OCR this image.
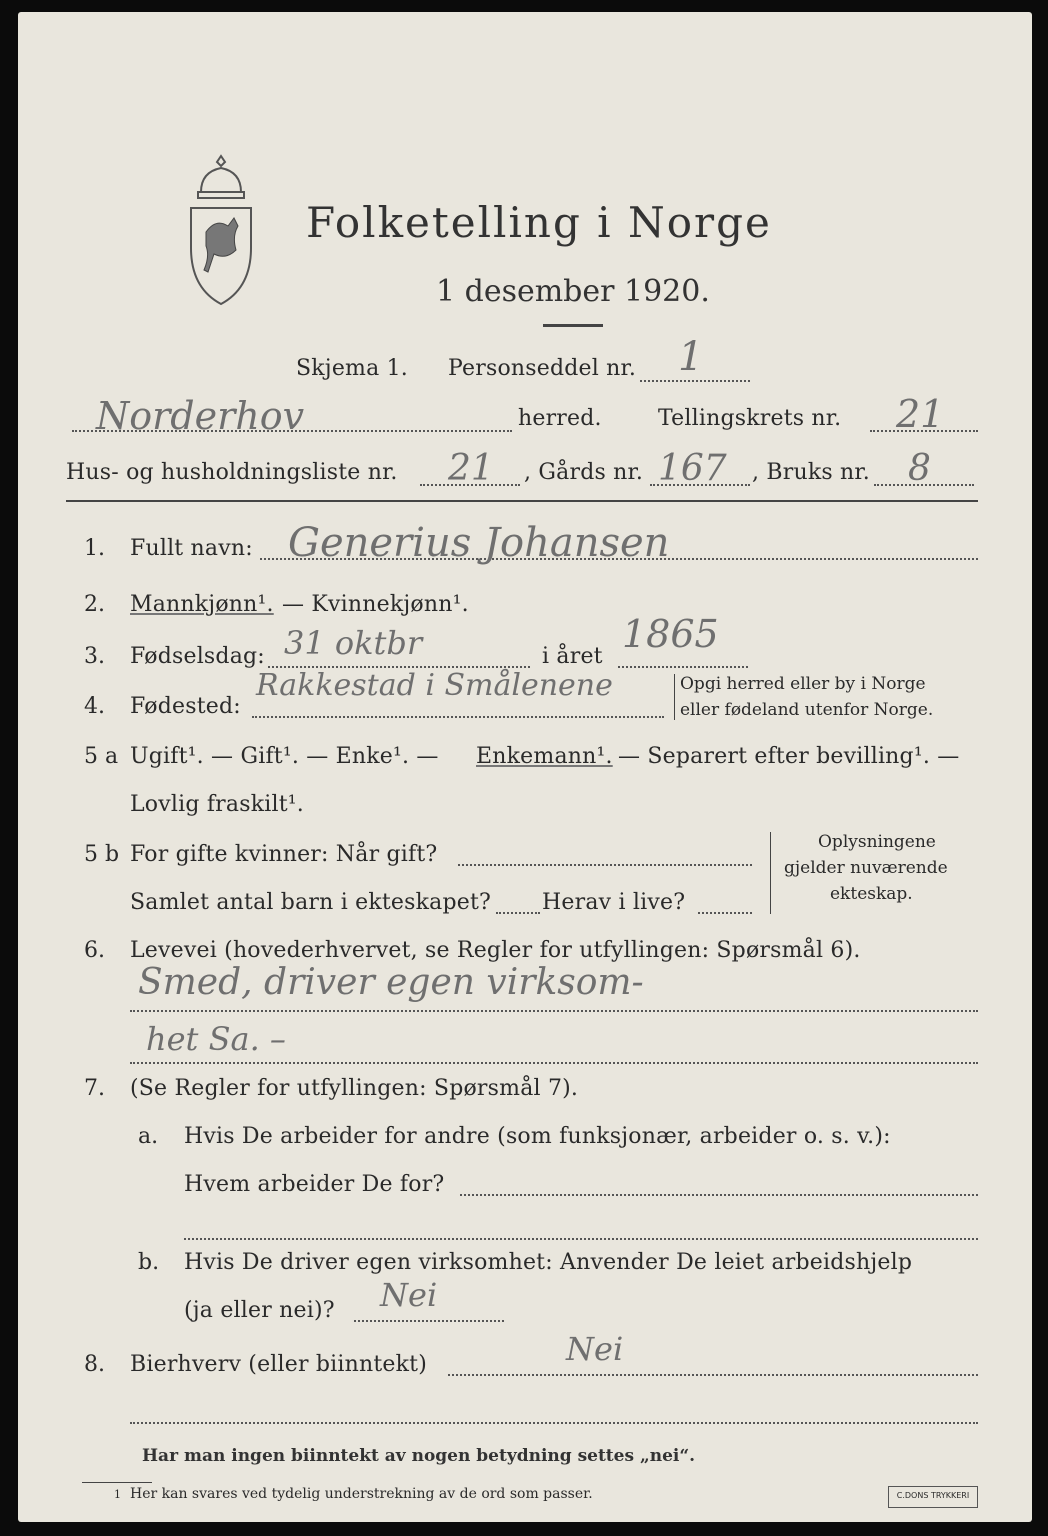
Folketelling i Norge
1 desember 1920.
Skjema 1. Personseddel nr. 1
Norderhov	herred.	Tellingskrets nr. 21
Hus- og husholdningsliste nr. 21 , Gårds nr. 167 , Bruks nr. 8
1. Fullt navn: Generius Johansen
2. Mannkjønn¹. — Kvinnekjønn¹.
3. Fødselsdag: 31 oktbr	i året
1865
4. Fødested:
Rakkestad i Smålenene	Opgi herred eller by i Norge
eller fødeland utenfor Norge.
5 a Ugift¹. — Gift¹. — Enke¹. — Enkemann¹. — Separert efter bevilling¹. —
Lovlig fraskilt¹.
5 b For gifte kvinner: Når gift?
Samlet antal barn i ekteskapet? Herav i live?
Oplysningene
gjelder nuværende
ekteskap.
6. Levevei (hovederhvervet, se Regler for utfyllingen: Spørsmål 6).
Smed, driver egen virksom-
het Sa. –
7. (Se Regler for utfyllingen: Spørsmål 7).
a. Hvis De arbeider for andre (som funksjonær, arbeider o. s. v.):
Hvem arbeider De for?
b. Hvis De driver egen virksomhet: Anvender De leiet arbeidshjelp
(ja eller nei)? Nei
8. Bierhverv (eller biinntekt)	Nei
Har man ingen biinntekt av nogen betydning settes „nei“.
1 Her kan svares ved tydelig understrekning av de ord som passer.	C.DONS TRYKKERI
